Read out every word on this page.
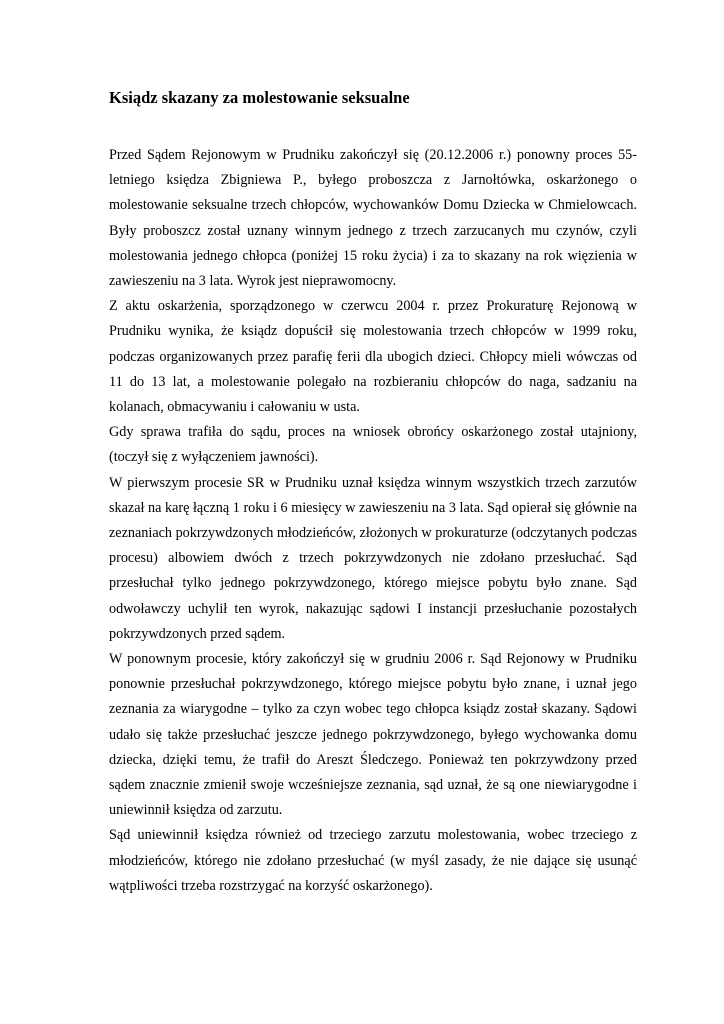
Ksiądz skazany za molestowanie seksualne

Przed Sądem Rejonowym w Prudniku zakończył się (20.12.2006 r.) ponowny proces 55-letniego księdza Zbigniewa P., byłego proboszcza z Jarnołtówka, oskarżonego o molestowanie seksualne trzech chłopców, wychowanków Domu Dziecka w Chmielowcach. Były proboszcz został uznany winnym jednego z trzech zarzucanych mu czynów, czyli molestowania jednego chłopca (poniżej 15 roku życia) i za to skazany na rok więzienia w zawieszeniu na 3 lata. Wyrok jest nieprawomocny.

Z aktu oskarżenia, sporządzonego w czerwcu 2004 r. przez Prokuraturę Rejonową w Prudniku wynika, że ksiądz dopuścił się molestowania trzech chłopców w 1999 roku, podczas organizowanych przez parafię ferii dla ubogich dzieci. Chłopcy mieli wówczas od 11 do 13 lat, a molestowanie polegało na rozbieraniu chłopców do naga, sadzaniu na kolanach, obmacywaniu i całowaniu w usta.

Gdy sprawa trafiła do sądu, proces na wniosek obrońcy oskarżonego został utajniony, (toczył się z wyłączeniem jawności).

W pierwszym procesie SR w Prudniku uznał księdza winnym wszystkich trzech zarzutów skazał na karę łączną 1 roku i 6 miesięcy w zawieszeniu na 3 lata. Sąd opierał się głównie na zeznaniach pokrzywdzonych młodzieńców, złożonych w prokuraturze (odczytanych podczas procesu) albowiem dwóch z trzech pokrzywdzonych nie zdołano przesłuchać. Sąd przesłuchał tylko jednego pokrzywdzonego, którego miejsce pobytu było znane. Sąd odwoławczy uchylił ten wyrok, nakazując sądowi I instancji przesłuchanie pozostałych pokrzywdzonych przed sądem.

W ponownym procesie, który zakończył się w grudniu 2006 r. Sąd Rejonowy w Prudniku ponownie przesłuchał pokrzywdzonego, którego miejsce pobytu było znane, i uznał jego zeznania za wiarygodne – tylko za czyn wobec tego chłopca ksiądz został skazany. Sądowi udało się także przesłuchać jeszcze jednego pokrzywdzonego, byłego wychowanka domu dziecka, dzięki temu, że trafił do Areszt Śledczego. Ponieważ ten pokrzywdzony przed sądem znacznie zmienił swoje wcześniejsze zeznania, sąd uznał, że są one niewiarygodne i uniewinnił księdza od zarzutu.

Sąd uniewinnił księdza również od trzeciego zarzutu molestowania, wobec trzeciego z młodzieńców, którego nie zdołano przesłuchać (w myśl zasady, że nie dające się usunąć wątpliwości trzeba rozstrzygać na korzyść oskarżonego).
